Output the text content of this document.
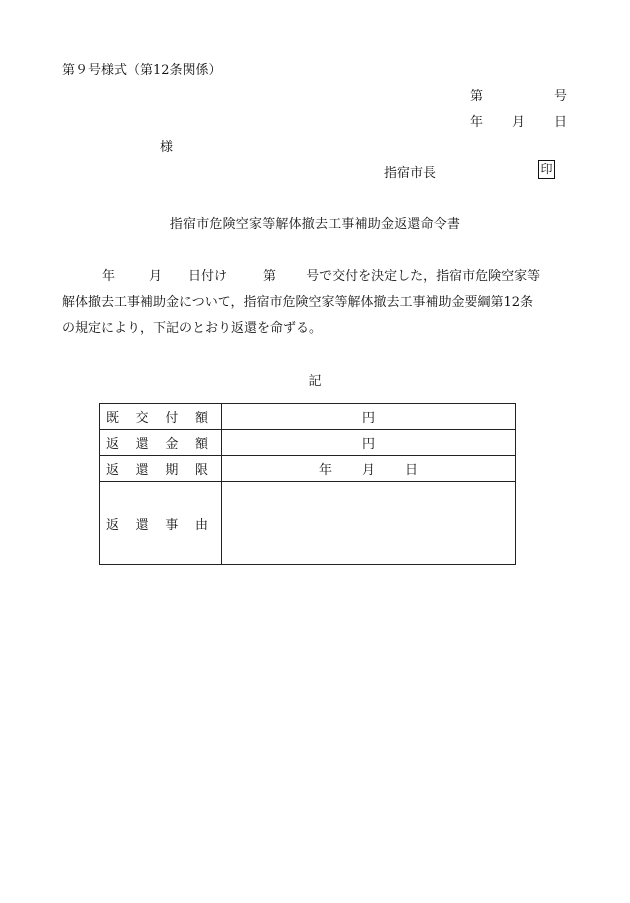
第９号様式（第12条関係）
第	号
年 月 日
様
指宿市長	印
指宿市危険空家等解体撤去工事補助金返還命令書
年	月 日付け	第 号で交付を決定した，指宿市危険空家等
解体撤去工事補助金について，指宿市危険空家等解体撤去工事補助金要綱第12条
の規定により，下記のとおり返還を命ずる。
記
既 交 付 額	円

返 還 金 額	円

返 還 期 限	年 月 日

返 還 事 由	
